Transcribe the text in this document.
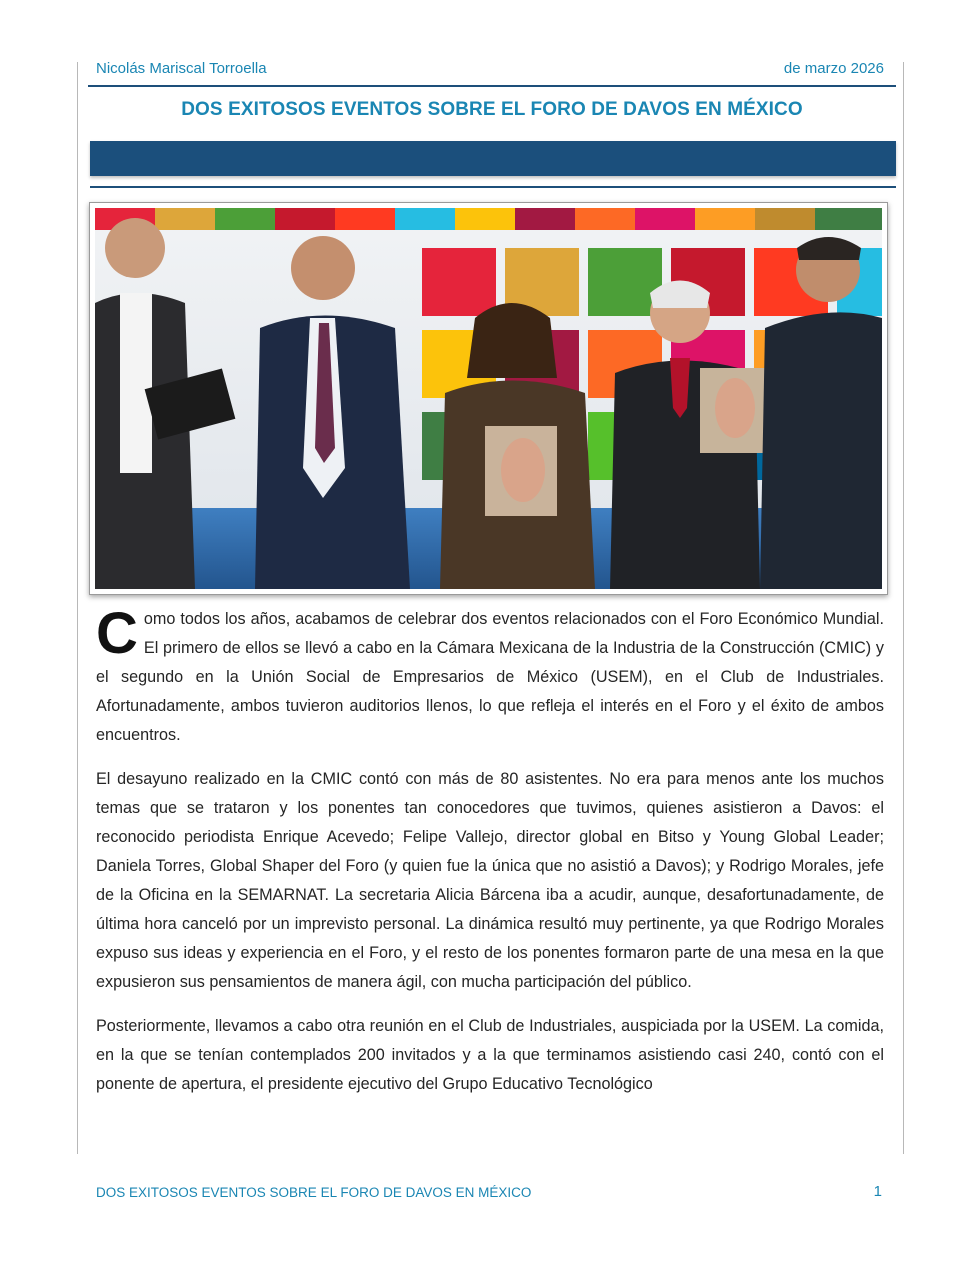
Nicolás Mariscal Torroella	de marzo 2026
DOS EXITOSOS EVENTOS SOBRE EL FORO DE DAVOS EN MÉXICO

Como todos los años, acabamos de celebrar dos eventos relacionados con el Foro Económico Mundial. El primero de ellos se llevó a cabo en la Cámara Mexicana de la Industria de la Construcción (CMIC) y el segundo en la Unión Social de Empresarios de México (USEM), en el Club de Industriales. Afortunadamente, ambos tuvieron auditorios llenos, lo que refleja el interés en el Foro y el éxito de ambos encuentros.

El desayuno realizado en la CMIC contó con más de 80 asistentes. No era para menos ante los muchos temas que se trataron y los ponentes tan conocedores que tuvimos, quienes asistieron a Davos: el reconocido periodista Enrique Acevedo; Felipe Vallejo, director global en Bitso y Young Global Leader; Daniela Torres, Global Shaper del Foro (y quien fue la única que no asistió a Davos); y Rodrigo Morales, jefe de la Oficina en la SEMARNAT. La secretaria Alicia Bárcena iba a acudir, aunque, desafortunadamente, de última hora canceló por un imprevisto personal. La dinámica resultó muy pertinente, ya que Rodrigo Morales expuso sus ideas y experiencia en el Foro, y el resto de los ponentes formaron parte de una mesa en la que expusieron sus pensamientos de manera ágil, con mucha participación del público.

Posteriormente, llevamos a cabo otra reunión en el Club de Industriales, auspiciada por la USEM. La comida, en la que se tenían contemplados 200 invitados y a la que terminamos asistiendo casi 240, contó con el ponente de apertura, el presidente ejecutivo del Grupo Educativo Tecnológico

DOS EXITOSOS EVENTOS SOBRE EL FORO DE DAVOS EN MÉXICO	1
